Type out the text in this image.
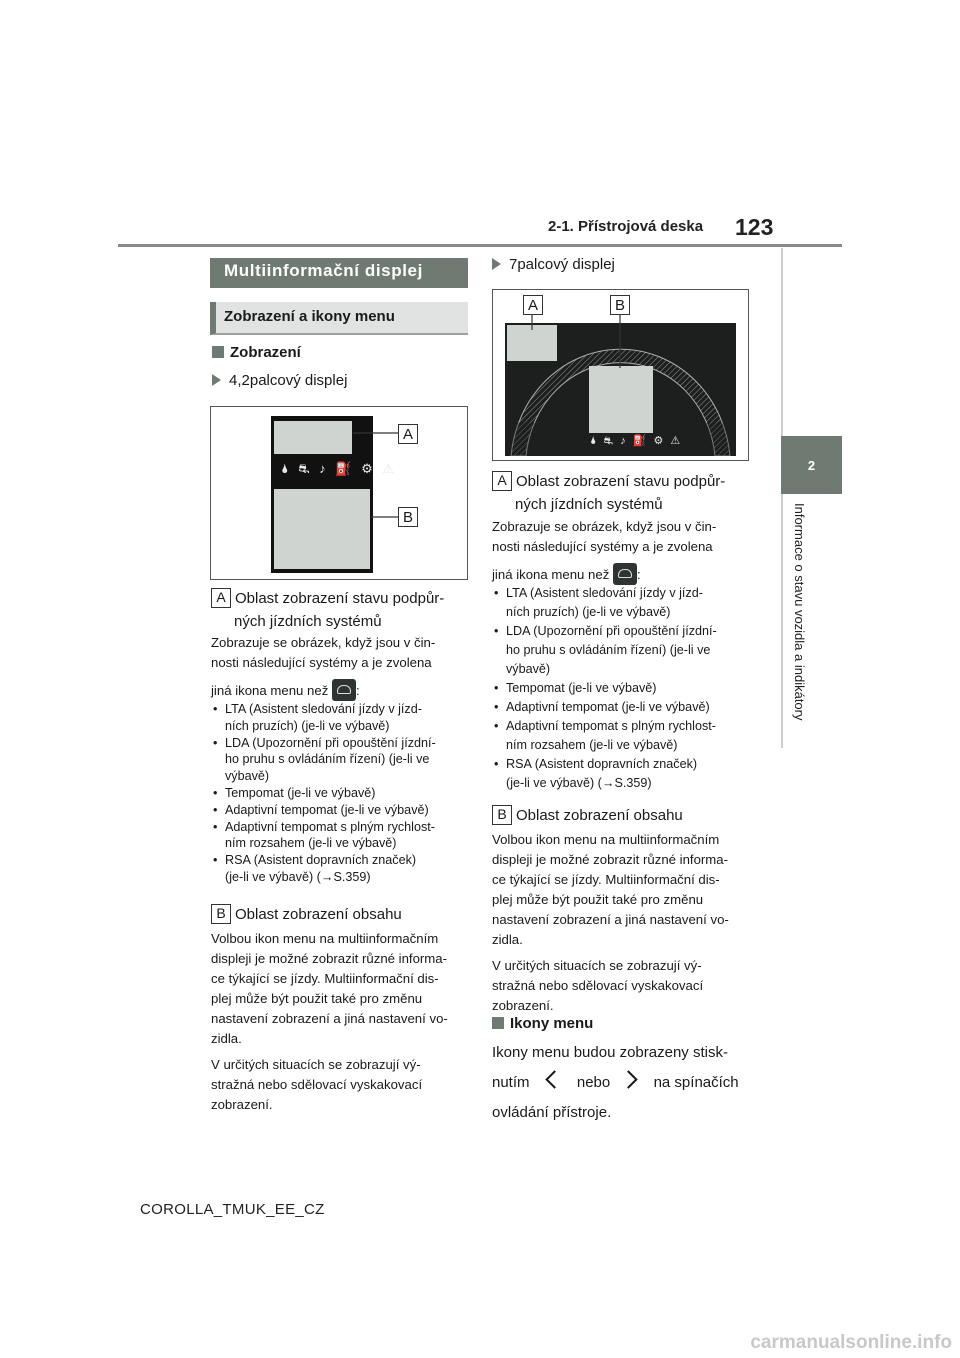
2-1. Přístrojová deska 123
2
Informace o stavu vozidla a indikátory
Multiinformační displej
Zobrazení a ikony menu
Zobrazení
4,2palcový displej
🌢 ⛐ ♪ ⛽ ⚙ ⚠
A
B
A Oblast zobrazení stavu podpůr-
ných jízdních systémů
Zobrazuje se obrázek, když jsou v čin-
nosti následující systémy a je zvolena
jiná ikona menu než :
• LTA (Asistent sledování jízdy v jízd-
ních pruzích) (je-li ve výbavě)
• LDA (Upozornění při opouštění jízdní-
ho pruhu s ovládáním řízení) (je-li ve
výbavě)
• Tempomat (je-li ve výbavě)
• Adaptivní tempomat (je-li ve výbavě)
• Adaptivní tempomat s plným rychlost-
ním rozsahem (je-li ve výbavě)
• RSA (Asistent dopravních značek)
(je-li ve výbavě) (→S.359)
B Oblast zobrazení obsahu
Volbou ikon menu na multiinformačním
displeji je možné zobrazit různé informa-
ce týkající se jízdy. Multiinformační dis-
plej může být použit také pro změnu
nastavení zobrazení a jiná nastavení vo-
zidla.
V určitých situacích se zobrazují vý-
stražná nebo sdělovací vyskakovací
zobrazení.
7palcový displej
🌢 ⛐ ♪ ⛽ ⚙ ⚠
A	B
A Oblast zobrazení stavu podpůr-
ných jízdních systémů
Zobrazuje se obrázek, když jsou v čin-
nosti následující systémy a je zvolena
jiná ikona menu než :
• LTA (Asistent sledování jízdy v jízd-
ních pruzích) (je-li ve výbavě)
• LDA (Upozornění při opouštění jízdní-
ho pruhu s ovládáním řízení) (je-li ve
výbavě)
• Tempomat (je-li ve výbavě)
• Adaptivní tempomat (je-li ve výbavě)
• Adaptivní tempomat s plným rychlost-
ním rozsahem (je-li ve výbavě)
• RSA (Asistent dopravních značek)
(je-li ve výbavě) (→S.359)
B Oblast zobrazení obsahu
Volbou ikon menu na multiinformačním
displeji je možné zobrazit různé informa-
ce týkající se jízdy. Multiinformační dis-
plej může být použit také pro změnu
nastavení zobrazení a jiná nastavení vo-
zidla.
V určitých situacích se zobrazují vý-
stražná nebo sdělovací vyskakovací
zobrazení.
Ikony menu
Ikony menu budou zobrazeny stisk-
nutím	nebo	na spínačích
ovládání přístroje.
COROLLA_TMUK_EE_CZ
carmanualsonline.info
